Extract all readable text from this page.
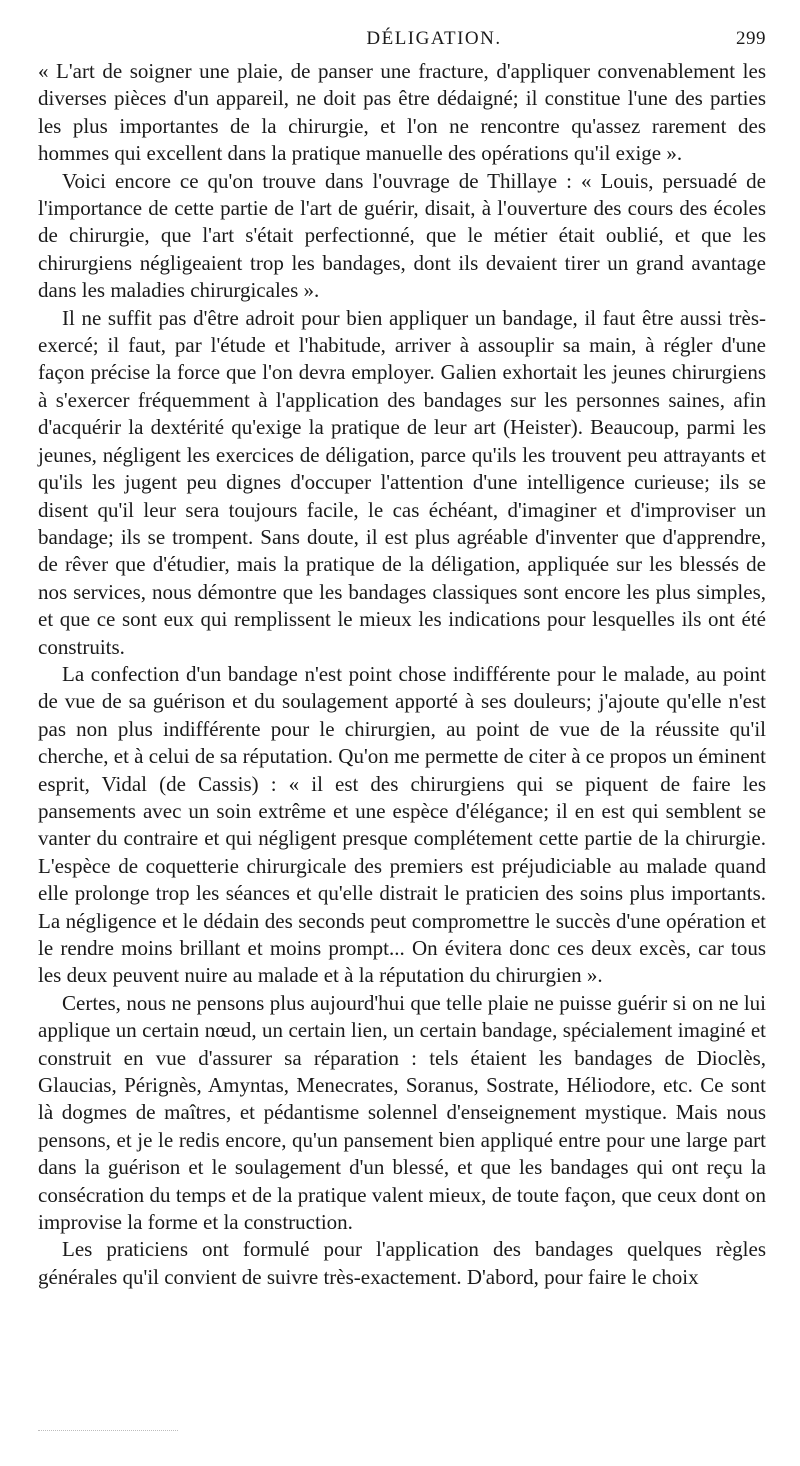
DÉLIGATION.	299

« L'art de soigner une plaie, de panser une fracture, d'appliquer convenablement les diverses pièces d'un appareil, ne doit pas être dédaigné; il constitue l'une des parties les plus importantes de la chirurgie, et l'on ne rencontre qu'assez rarement des hommes qui excellent dans la pratique manuelle des opérations qu'il exige ».

Voici encore ce qu'on trouve dans l'ouvrage de Thillaye : « Louis, persuadé de l'importance de cette partie de l'art de guérir, disait, à l'ouverture des cours des écoles de chirurgie, que l'art s'était perfectionné, que le métier était oublié, et que les chirurgiens négligeaient trop les bandages, dont ils devaient tirer un grand avantage dans les maladies chirurgicales ».

Il ne suffit pas d'être adroit pour bien appliquer un bandage, il faut être aussi très-exercé; il faut, par l'étude et l'habitude, arriver à assouplir sa main, à régler d'une façon précise la force que l'on devra employer. Galien exhortait les jeunes chirurgiens à s'exercer fréquemment à l'application des bandages sur les personnes saines, afin d'acquérir la dextérité qu'exige la pratique de leur art (Heister). Beaucoup, parmi les jeunes, négligent les exercices de déligation, parce qu'ils les trouvent peu attrayants et qu'ils les jugent peu dignes d'occuper l'attention d'une intelligence curieuse; ils se disent qu'il leur sera toujours facile, le cas échéant, d'imaginer et d'improviser un bandage; ils se trompent. Sans doute, il est plus agréable d'inventer que d'apprendre, de rêver que d'étudier, mais la pratique de la déligation, appliquée sur les blessés de nos services, nous démontre que les bandages classiques sont encore les plus simples, et que ce sont eux qui remplissent le mieux les indications pour lesquelles ils ont été construits.

La confection d'un bandage n'est point chose indifférente pour le malade, au point de vue de sa guérison et du soulagement apporté à ses douleurs; j'ajoute qu'elle n'est pas non plus indifférente pour le chirurgien, au point de vue de la réussite qu'il cherche, et à celui de sa réputation. Qu'on me permette de citer à ce propos un éminent esprit, Vidal (de Cassis) : « il est des chirurgiens qui se piquent de faire les pansements avec un soin extrême et une espèce d'élégance; il en est qui semblent se vanter du contraire et qui négligent presque complétement cette partie de la chirurgie. L'espèce de coquetterie chirurgicale des premiers est préjudiciable au malade quand elle prolonge trop les séances et qu'elle distrait le praticien des soins plus importants. La négligence et le dédain des seconds peut compromettre le succès d'une opération et le rendre moins brillant et moins prompt... On évitera donc ces deux excès, car tous les deux peuvent nuire au malade et à la réputation du chirurgien ».

Certes, nous ne pensons plus aujourd'hui que telle plaie ne puisse guérir si on ne lui applique un certain nœud, un certain lien, un certain bandage, spécialement imaginé et construit en vue d'assurer sa réparation : tels étaient les bandages de Dioclès, Glaucias, Pérignès, Amyntas, Menecrates, Soranus, Sostrate, Héliodore, etc. Ce sont là dogmes de maîtres, et pédantisme solennel d'enseignement mystique. Mais nous pensons, et je le redis encore, qu'un pansement bien appliqué entre pour une large part dans la guérison et le soulagement d'un blessé, et que les bandages qui ont reçu la consécration du temps et de la pratique valent mieux, de toute façon, que ceux dont on improvise la forme et la construction.

Les praticiens ont formulé pour l'application des bandages quelques règles générales qu'il convient de suivre très-exactement. D'abord, pour faire le choix
